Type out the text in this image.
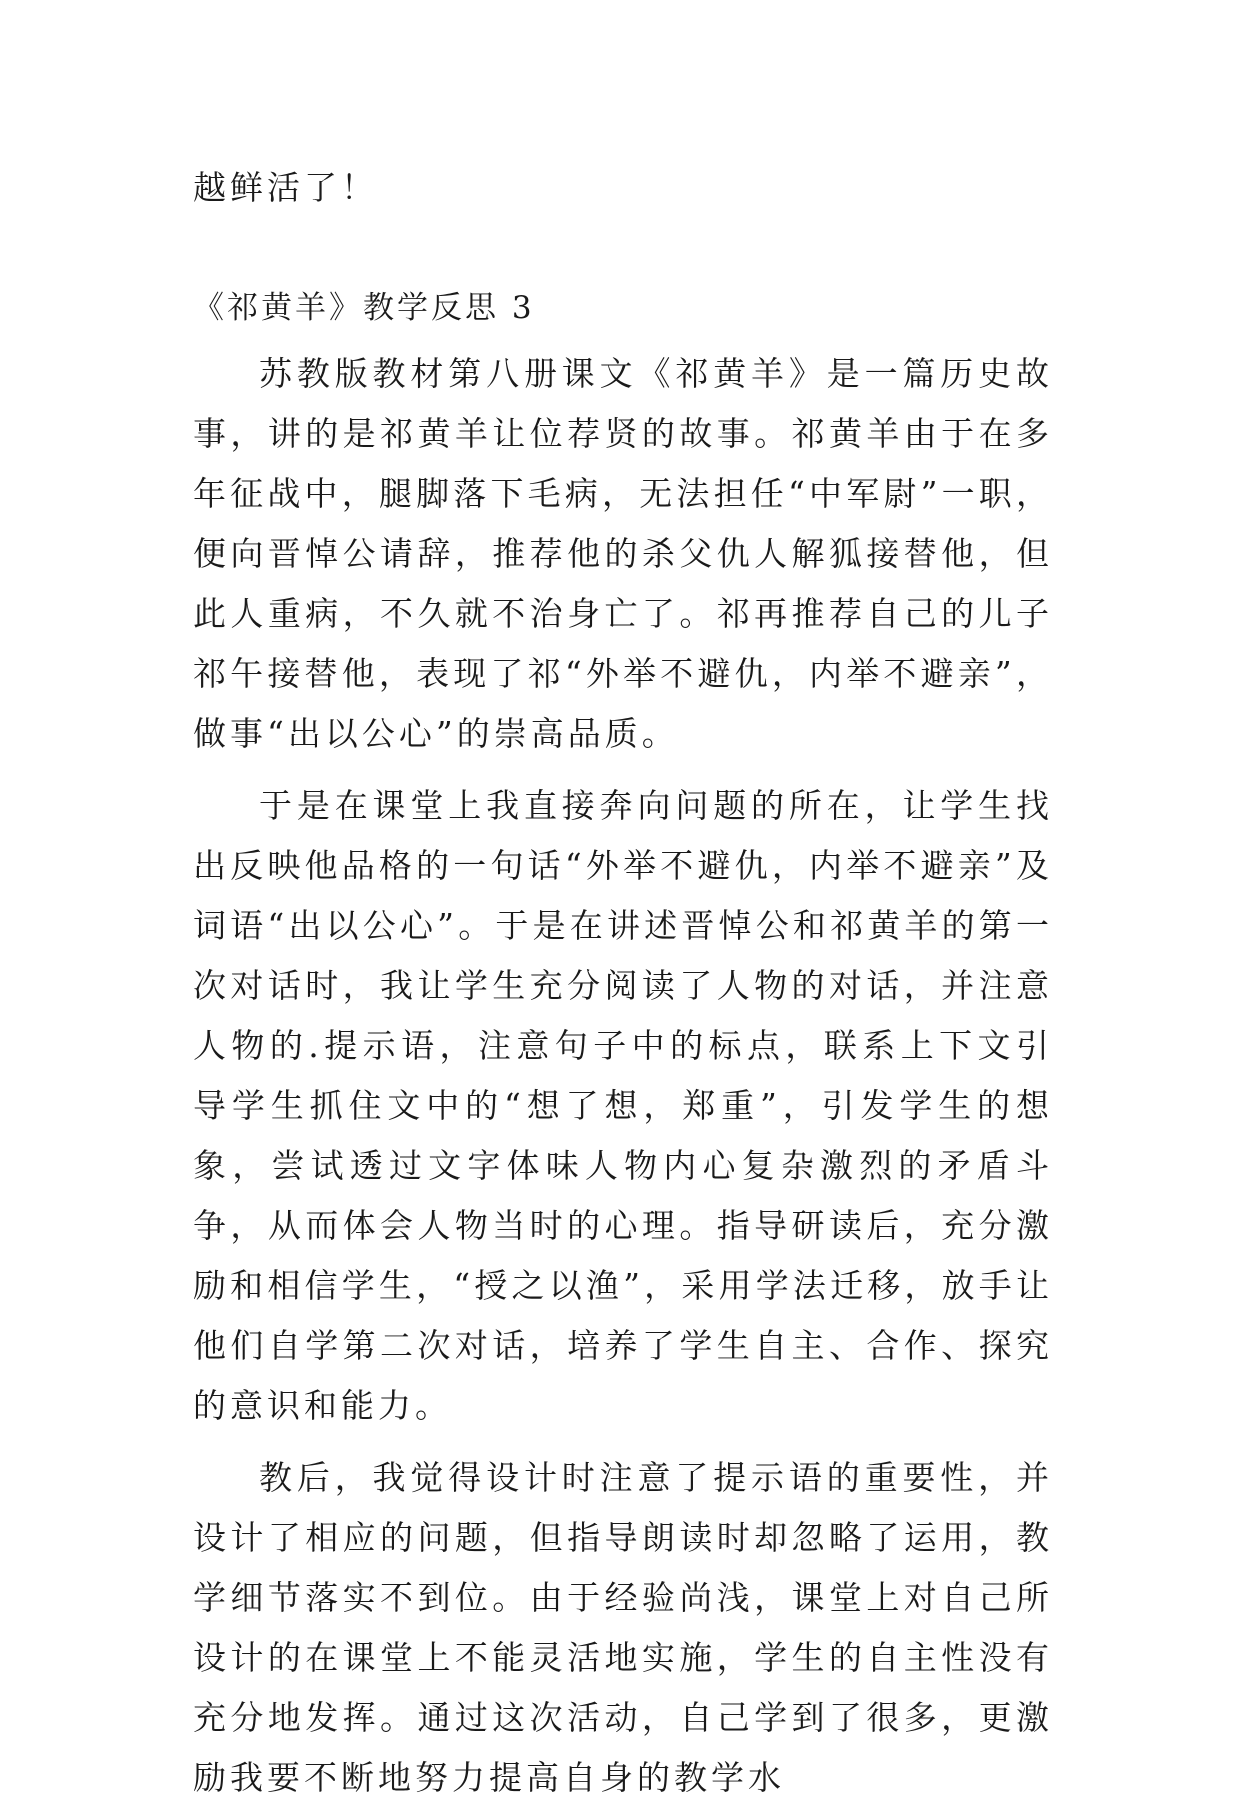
越鲜活了！

《祁黄羊》教学反思 3

苏教版教材第八册课文《祁黄羊》是一篇历史故事，讲的是祁黄羊让位荐贤的故事。祁黄羊由于在多年征战中，腿脚落下毛病，无法担任“中军尉”一职，便向晋悼公请辞，推荐他的杀父仇人解狐接替他，但此人重病，不久就不治身亡了。祁再推荐自己的儿子祁午接替他，表现了祁“外举不避仇，内举不避亲”，做事“出以公心”的崇高品质。

于是在课堂上我直接奔向问题的所在，让学生找出反映他品格的一句话“外举不避仇，内举不避亲”及词语“出以公心”。于是在讲述晋悼公和祁黄羊的第一次对话时，我让学生充分阅读了人物的对话，并注意人物的.提示语，注意句子中的标点，联系上下文引导学生抓住文中的“想了想，郑重”，引发学生的想象，尝试透过文字体味人物内心复杂激烈的矛盾斗争，从而体会人物当时的心理。指导研读后，充分激励和相信学生，“授之以渔”，采用学法迁移，放手让他们自学第二次对话，培养了学生自主、合作、探究的意识和能力。

教后，我觉得设计时注意了提示语的重要性，并设计了相应的问题，但指导朗读时却忽略了运用，教学细节落实不到位。由于经验尚浅，课堂上对自己所设计的在课堂上不能灵活地实施，学生的自主性没有充分地发挥。通过这次活动，自己学到了很多，更激励我要不断地努力提高自身的教学水
